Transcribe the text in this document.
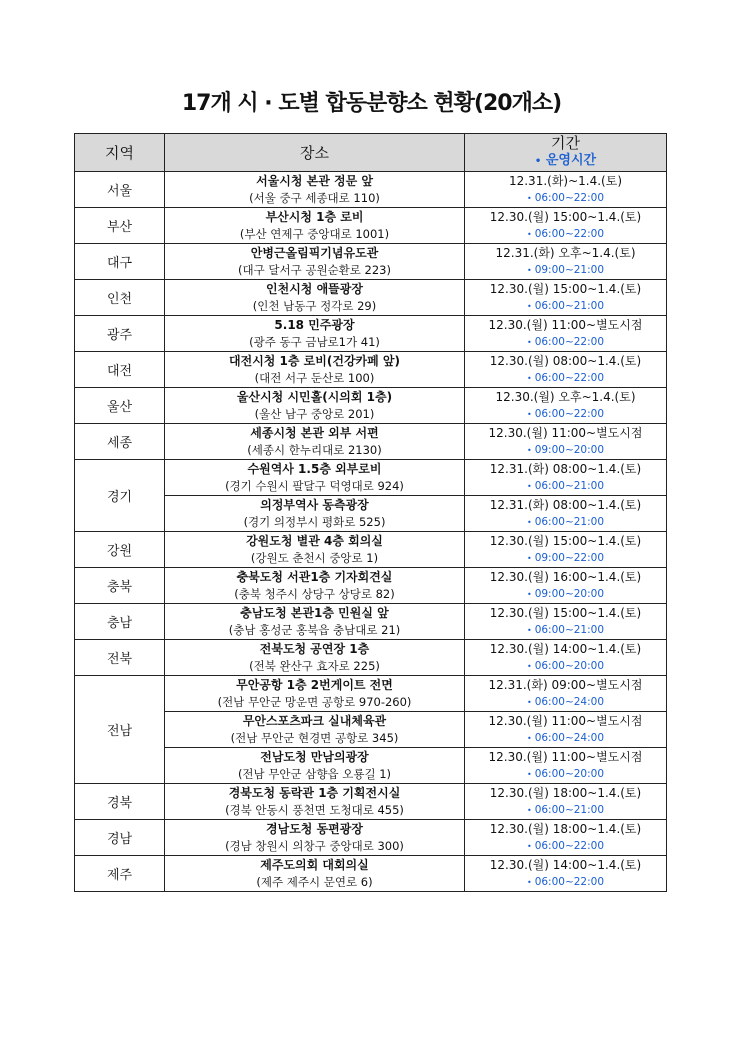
17개 시 · 도별 합동분향소 현황(20개소)
지역	장소	기간
• 운영시간

서울	서울시청 본관 정문 앞
(서울 중구 세종대로 110)	12.31.(화)~1.4.(토)
• 06:00~22:00

부산	부산시청 1층 로비
(부산 연제구 중앙대로 1001)	12.30.(월) 15:00~1.4.(토)
• 06:00~22:00

대구	안병근올림픽기념유도관
(대구 달서구 공원순환로 223)	12.31.(화) 오후~1.4.(토)
• 09:00~21:00

인천	인천시청 애뜰광장
(인천 남동구 정각로 29)	12.30.(월) 15:00~1.4.(토)
• 06:00~21:00

광주	5.18 민주광장
(광주 동구 금남로1가 41)	12.30.(월) 11:00~별도시점
• 06:00~22:00

대전	대전시청 1층 로비(건강카페 앞)
(대전 서구 둔산로 100)	12.30.(월) 08:00~1.4.(토)
• 06:00~22:00

울산	울산시청 시민홀(시의회 1층)
(울산 남구 중앙로 201)	12.30.(월) 오후~1.4.(토)
• 06:00~22:00

세종	세종시청 본관 외부 서편
(세종시 한누리대로 2130)	12.30.(월) 11:00~별도시점
• 09:00~20:00

경기	수원역사 1.5층 외부로비
(경기 수원시 팔달구 덕영대로 924)	12.31.(화) 08:00~1.4.(토)
• 06:00~21:00

	의정부역사 동측광장
(경기 의정부시 평화로 525)	12.31.(화) 08:00~1.4.(토)
• 06:00~21:00

강원	강원도청 별관 4층 회의실
(강원도 춘천시 중앙로 1)	12.30.(월) 15:00~1.4.(토)
• 09:00~22:00

충북	충북도청 서관1층 기자회견실
(충북 청주시 상당구 상당로 82)	12.30.(월) 16:00~1.4.(토)
• 09:00~20:00

충남	충남도청 본관1층 민원실 앞
(충남 홍성군 홍북읍 충남대로 21)	12.30.(월) 15:00~1.4.(토)
• 06:00~21:00

전북	전북도청 공연장 1층
(전북 완산구 효자로 225)	12.30.(월) 14:00~1.4.(토)
• 06:00~20:00

전남	무안공항 1층 2번게이트 전면
(전남 무안군 망운면 공항로 970-260)	12.31.(화) 09:00~별도시점
• 06:00~24:00

	무안스포츠파크 실내체육관
(전남 무안군 현경면 공항로 345)	12.30.(월) 11:00~별도시점
• 06:00~24:00

	전남도청 만남의광장
(전남 무안군 삼향읍 오룡길 1)	12.30.(월) 11:00~별도시점
• 06:00~20:00

경북	경북도청 동락관 1층 기획전시실
(경북 안동시 풍천면 도청대로 455)	12.30.(월) 18:00~1.4.(토)
• 06:00~21:00

경남	경남도청 동편광장
(경남 창원시 의창구 중앙대로 300)	12.30.(월) 18:00~1.4.(토)
• 06:00~22:00

제주	제주도의회 대회의실
(제주 제주시 문연로 6)	12.30.(월) 14:00~1.4.(토)
• 06:00~22:00
